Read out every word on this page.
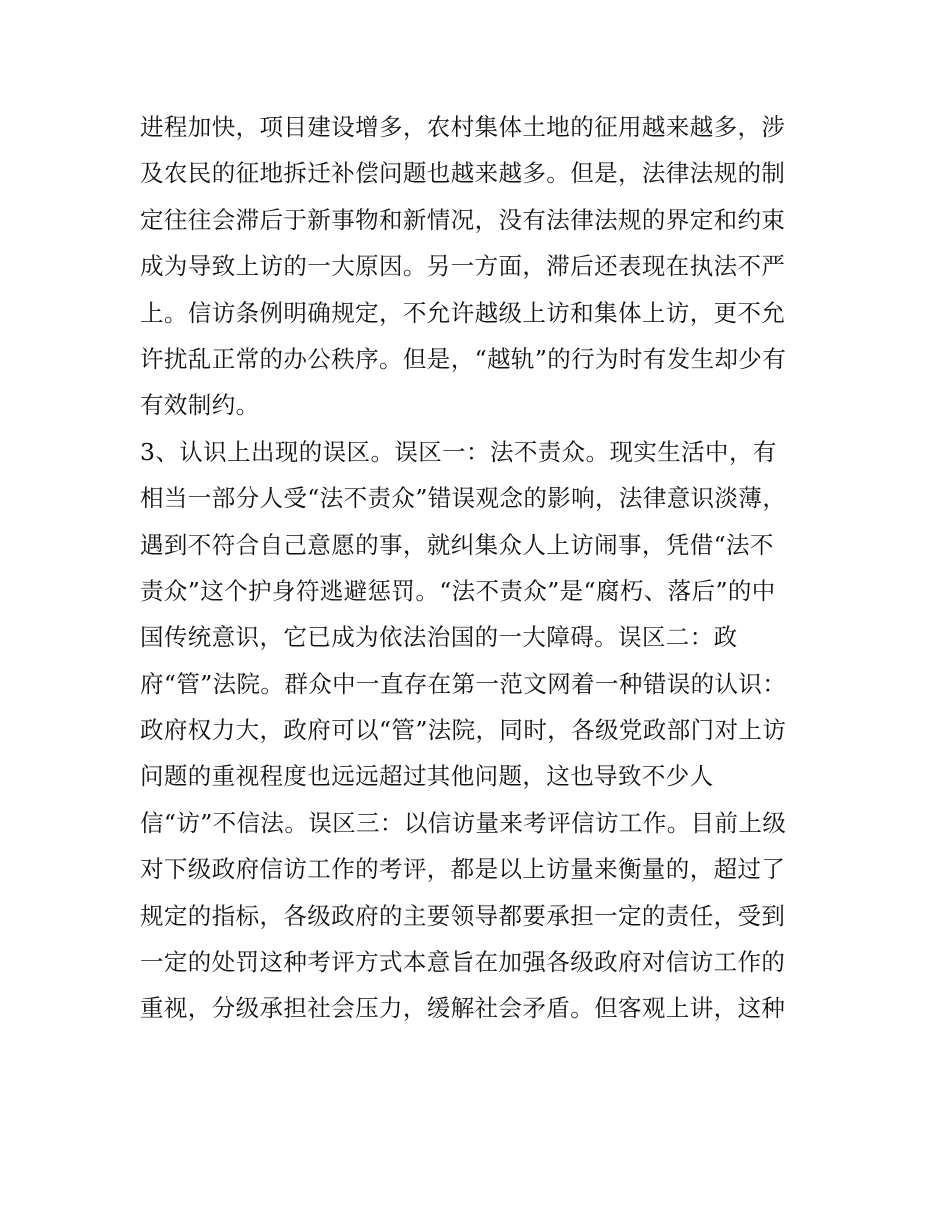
进程加快，项目建设增多，农村集体土地的征用越来越多，涉
及农民的征地拆迁补偿问题也越来越多。但是，法律法规的制
定往往会滞后于新事物和新情况，没有法律法规的界定和约束
成为导致上访的一大原因。另一方面，滞后还表现在执法不严
上。信访条例明确规定，不允许越级上访和集体上访，更不允
许扰乱正常的办公秩序。但是，“越轨”的行为时有发生却少有
有效制约。
3、认识上出现的误区。误区一：法不责众。现实生活中，有
相当一部分人受“法不责众”错误观念的影响，法律意识淡薄，
遇到不符合自己意愿的事，就纠集众人上访闹事，凭借“法不
责众”这个护身符逃避惩罚。“法不责众”是“腐朽、落后”的中
国传统意识，它已成为依法治国的一大障碍。误区二：政
府“管”法院。群众中一直存在第一范文网着一种错误的认识：
政府权力大，政府可以“管”法院，同时，各级党政部门对上访
问题的重视程度也远远超过其他问题，这也导致不少人
信“访”不信法。误区三：以信访量来考评信访工作。目前上级
对下级政府信访工作的考评，都是以上访量来衡量的，超过了
规定的指标，各级政府的主要领导都要承担一定的责任，受到
一定的处罚这种考评方式本意旨在加强各级政府对信访工作的
重视，分级承担社会压力，缓解社会矛盾。但客观上讲，这种
